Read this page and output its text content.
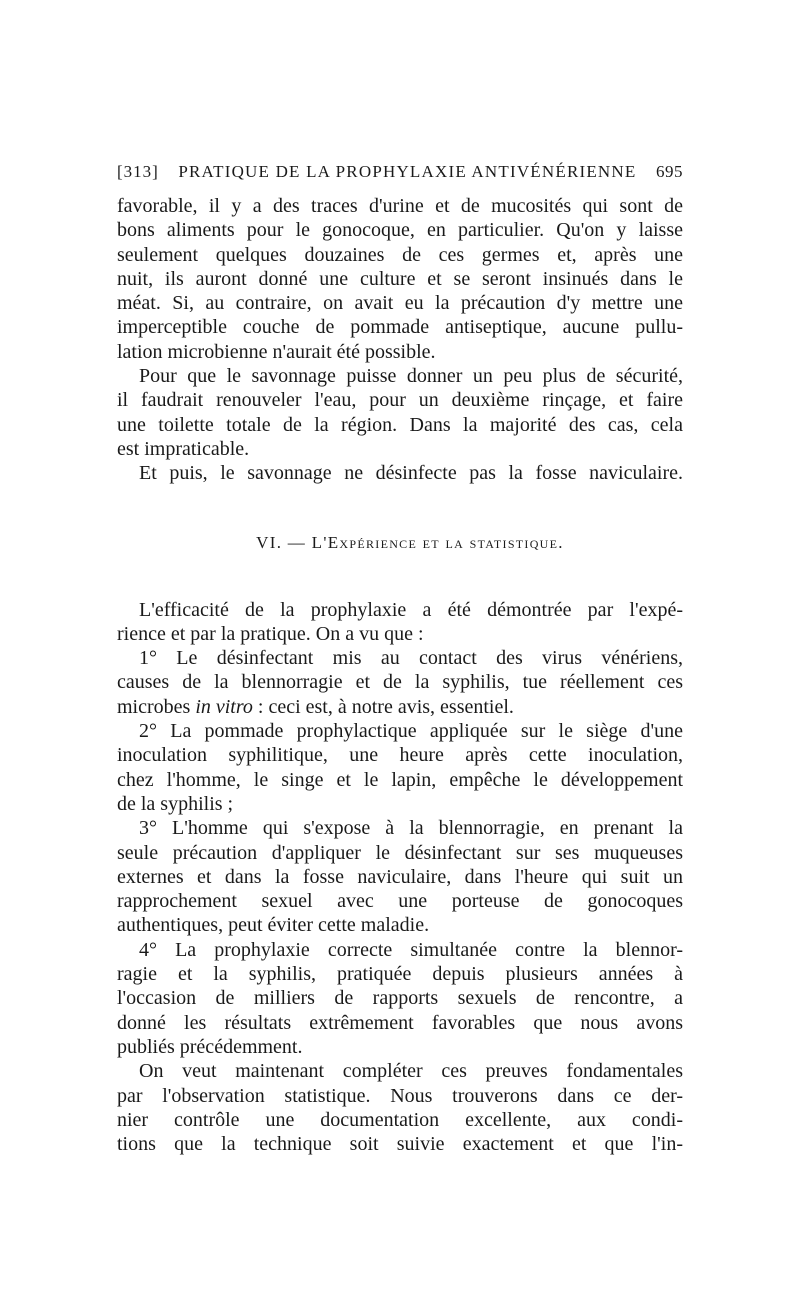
[313] PRATIQUE DE LA PROPHYLAXIE ANTIVÉNÉRIENNE 695
favorable, il y a des traces d'urine et de mucosités qui sont de
bons aliments pour le gonocoque, en particulier. Qu'on y laisse
seulement quelques douzaines de ces germes et, après une
nuit, ils auront donné une culture et se seront insinués dans le
méat. Si, au contraire, on avait eu la précaution d'y mettre une
imperceptible couche de pommade antiseptique, aucune pullu-
lation microbienne n'aurait été possible.
Pour que le savonnage puisse donner un peu plus de sécurité,
il faudrait renouveler l'eau, pour un deuxième rinçage, et faire
une toilette totale de la région. Dans la majorité des cas, cela
est impraticable.
Et puis, le savonnage ne désinfecte pas la fosse naviculaire.
VI. — L'Expérience et la statistique.
L'efficacité de la prophylaxie a été démontrée par l'expé-
rience et par la pratique. On a vu que :
1° Le désinfectant mis au contact des virus vénériens,
causes de la blennorragie et de la syphilis, tue réellement ces
microbes in vitro : ceci est, à notre avis, essentiel.
2° La pommade prophylactique appliquée sur le siège d'une
inoculation syphilitique, une heure après cette inoculation,
chez l'homme, le singe et le lapin, empêche le développement
de la syphilis ;
3° L'homme qui s'expose à la blennorragie, en prenant la
seule précaution d'appliquer le désinfectant sur ses muqueuses
externes et dans la fosse naviculaire, dans l'heure qui suit un
rapprochement sexuel avec une porteuse de gonocoques
authentiques, peut éviter cette maladie.
4° La prophylaxie correcte simultanée contre la blennor-
ragie et la syphilis, pratiquée depuis plusieurs années à
l'occasion de milliers de rapports sexuels de rencontre, a
donné les résultats extrêmement favorables que nous avons
publiés précédemment.
On veut maintenant compléter ces preuves fondamentales
par l'observation statistique. Nous trouverons dans ce der-
nier contrôle une documentation excellente, aux condi-
tions que la technique soit suivie exactement et que l'in-
